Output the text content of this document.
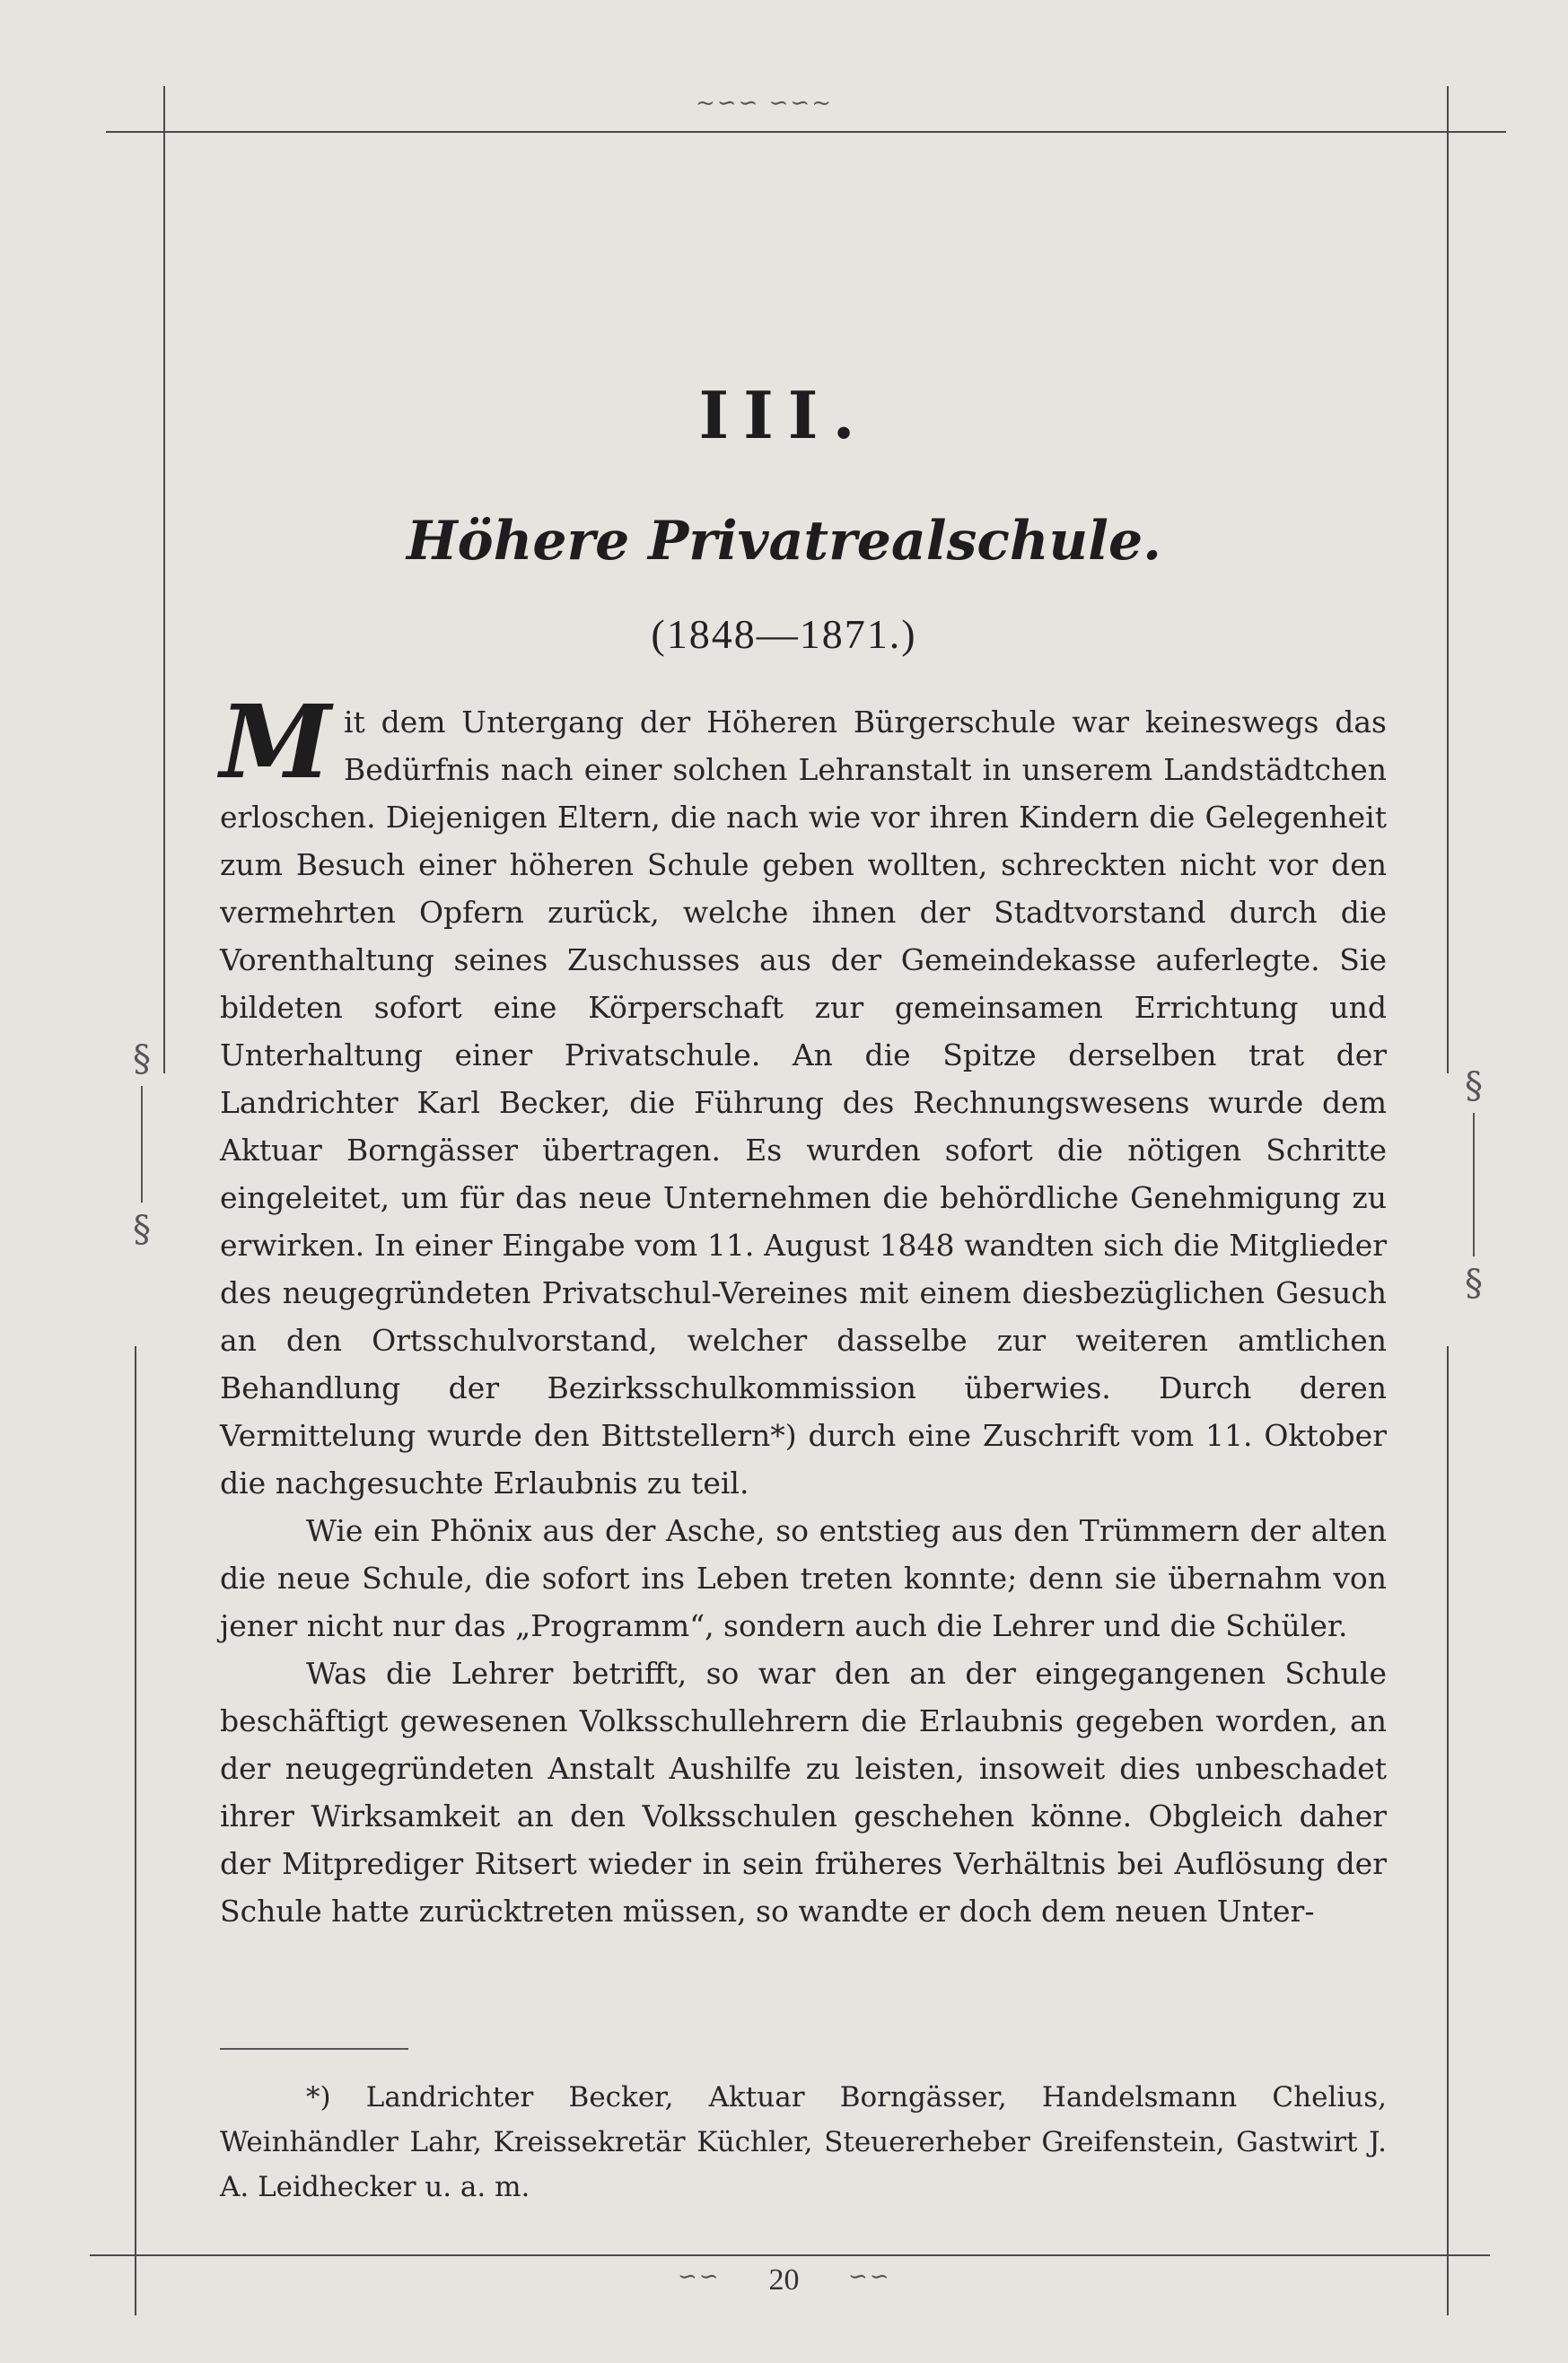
~∽∽ ∽∽~
§
§
§
§
III.
Höhere Privatrealschule.
(1848—1871.)

Mit dem Untergang der Höheren Bürgerschule war keineswegs das Bedürfnis nach einer solchen Lehranstalt in unserem Landstädtchen erloschen. Diejenigen Eltern, die nach wie vor ihren Kindern die Gelegenheit zum Besuch einer höheren Schule geben wollten, schreckten nicht vor den vermehrten Opfern zurück, welche ihnen der Stadtvorstand durch die Vorenthaltung seines Zuschusses aus der Gemeindekasse auferlegte. Sie bildeten sofort eine Körperschaft zur gemeinsamen Errichtung und Unterhaltung einer Privatschule. An die Spitze derselben trat der Landrichter Karl Becker, die Führung des Rechnungswesens wurde dem Aktuar Borngässer übertragen. Es wurden sofort die nötigen Schritte eingeleitet, um für das neue Unternehmen die behördliche Genehmigung zu erwirken. In einer Eingabe vom 11. August 1848 wandten sich die Mitglieder des neugegründeten Privatschul-Vereines mit einem diesbezüglichen Gesuch an den Ortsschulvorstand, welcher dasselbe zur weiteren amtlichen Behandlung der Bezirksschulkommission überwies. Durch deren Vermittelung wurde den Bittstellern*) durch eine Zuschrift vom 11. Oktober die nachgesuchte Erlaubnis zu teil.

Wie ein Phönix aus der Asche, so entstieg aus den Trümmern der alten die neue Schule, die sofort ins Leben treten konnte; denn sie übernahm von jener nicht nur das „Programm“, sondern auch die Lehrer und die Schüler.

Was die Lehrer betrifft, so war den an der eingegangenen Schule beschäftigt gewesenen Volksschullehrern die Erlaubnis gegeben worden, an der neugegründeten Anstalt Aushilfe zu leisten, insoweit dies unbeschadet ihrer Wirksamkeit an den Volksschulen geschehen könne. Obgleich daher der Mitprediger Ritsert wieder in sein früheres Verhältnis bei Auflösung der Schule hatte zurücktreten müssen, so wandte er doch dem neuen Unter-

*) Landrichter Becker, Aktuar Borngässer, Handelsmann Chelius, Weinhändler Lahr, Kreissekretär Küchler, Steuererheber Greifenstein, Gastwirt J. A. Leidhecker u. a. m.
∽∽	20	∽∽
